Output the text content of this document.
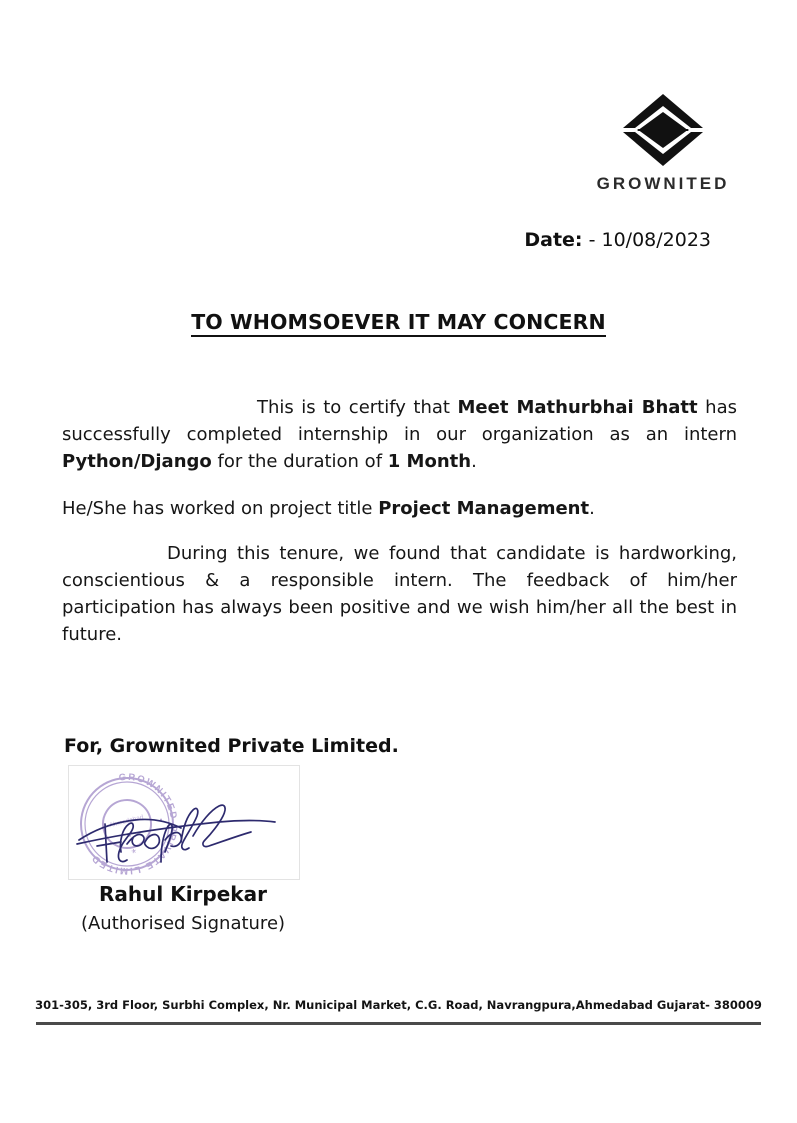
GROWNITED
Date: - 10/08/2023
TO WHOMSOEVER IT MAY CONCERN

This is to certify that Meet Mathurbhai Bhatt has successfully completed internship in our organization as an intern Python/Django for the duration of 1 Month.

He/She has worked on project title Project Management.

During this tenure, we found that candidate is hardworking, conscientious & a responsible intern. The feedback of him/her participation has always been positive and we wish him/her all the best in future.

For, Grownited Private Limited.
GROWNITED PRIVATE LIMITED
Ahmedabad
*
Rahul Kirpekar
(Authorised Signature)
301-305, 3rd Floor, Surbhi Complex, Nr. Municipal Market, C.G. Road, Navrangpura,Ahmedabad Gujarat- 380009
